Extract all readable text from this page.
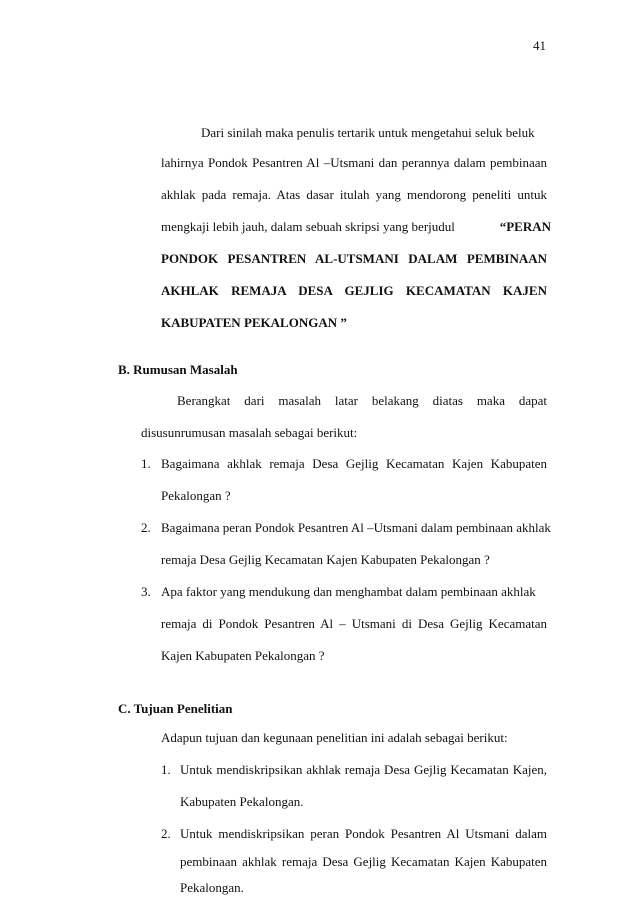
41
Dari sinilah maka penulis tertarik untuk mengetahui seluk beluk
lahirnya Pondok Pesantren Al –Utsmani dan perannya dalam pembinaan
akhlak pada remaja. Atas dasar itulah yang mendorong peneliti untuk
mengkaji lebih jauh, dalam sebuah skripsi yang berjudul	“PERAN
PONDOK PESANTREN AL-UTSMANI DALAM PEMBINAAN
AKHLAK REMAJA DESA GEJLIG KECAMATAN KAJEN
KABUPATEN PEKALONGAN ”
B. Rumusan Masalah
Berangkat dari masalah latar belakang diatas maka dapat
disusunrumusan masalah sebagai berikut:
1. Bagaimana akhlak remaja Desa Gejlig Kecamatan Kajen Kabupaten
Pekalongan ?
2. Bagaimana peran Pondok Pesantren Al –Utsmani dalam pembinaan akhlak
remaja Desa Gejlig Kecamatan Kajen Kabupaten Pekalongan ?
3. Apa faktor yang mendukung dan menghambat dalam pembinaan akhlak
remaja di Pondok Pesantren Al – Utsmani di Desa Gejlig Kecamatan
Kajen Kabupaten Pekalongan ?
C. Tujuan Penelitian
Adapun tujuan dan kegunaan penelitian ini adalah sebagai berikut:
1. Untuk mendiskripsikan akhlak remaja Desa Gejlig Kecamatan Kajen,
Kabupaten Pekalongan.
2. Untuk mendiskripsikan peran Pondok Pesantren Al Utsmani dalam
pembinaan akhlak remaja Desa Gejlig Kecamatan Kajen Kabupaten
Pekalongan.
